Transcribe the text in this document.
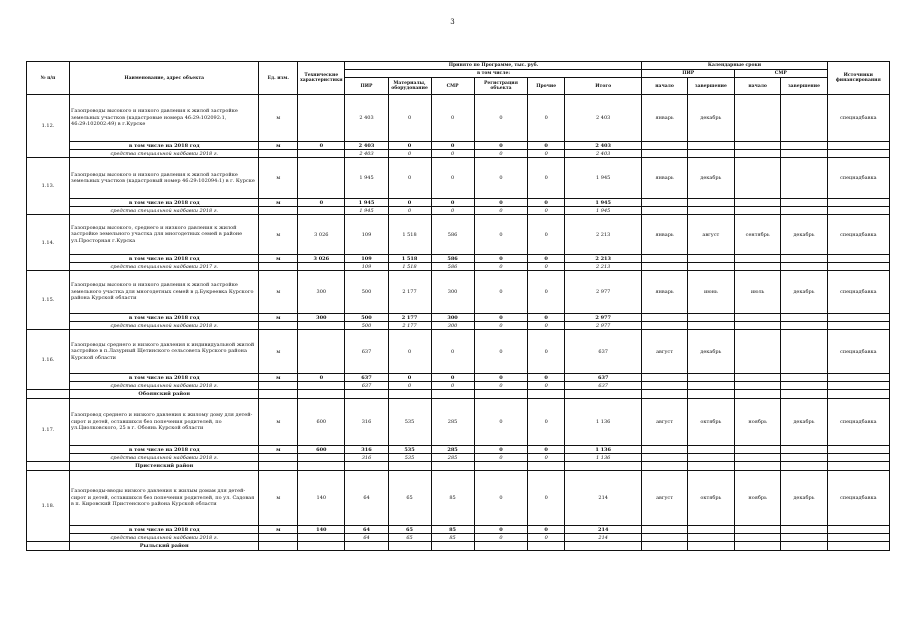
3
№ п/п	Наименование, адрес объекта	Ед. изм.	Технические характеристики	Принято по Программе, тыс. руб.						Календарные сроки				Источники финансирования
				в том числе:						ПИР		СМР		
				ПИР	Материалы, оборудование	СМР	Регистрация объекта	Прочие	Итого	начало	завершение	начало	завершение	
1.12.	Газопроводы высокого и низкого давления к жилой застройке земельных участков (кадастровые номера 46:29:102092:1, 46:29:102002:49) в г.Курске	м		2 403	0	0	0	0	2 403	январь	декабрь			спецнадбавка
	в том числе на 2018 год	м	0	2 403	0	0	0	0	2 403					
	средства специальной надбавки 2018 г.			2 403	0	0	0	0	2 403					
1.13.	Газопроводы высокого и низкого давления к жилой застройке земельных участков (кадастровый номер 46:29:102094:1) в г. Курске	м		1 945	0	0	0	0	1 945	январь	декабрь			спецнадбавка
	в том числе на 2018 год	м	0	1 945	0	0	0	0	1 945					
	средства специальной надбавки 2018 г.			1 945	0	0	0	0	1 945					
1.14.	Газопроводы высокого, среднего и низкого давления к жилой застройке земельного участка для многодетных семей в районе ул.Просторная г.Курска	м	3 026	109	1 518	586	0	0	2 213	январь	август	сентябрь	декабрь	спецнадбавка
	в том числе на 2018 год	м	3 026	109	1 518	586	0	0	2 213					
	средства специальной надбавки 2017 г.			109	1 518	586	0	0	2 213					
1.15.	Газопроводы высокого и низкого давления к жилой застройке земельного участка для многодетных семей в д.Букреевка Курского района Курской области	м	300	500	2 177	300	0	0	2 977	январь	июнь	июль	декабрь	спецнадбавка
	в том числе на 2018 год	м	300	500	2 177	300	0	0	2 977					
	средства специальной надбавки 2018 г.			500	2 177	300	0	0	2 977					
1.16.	Газопроводы среднего и низкого давления к индивидуальной жилой застройке в п.Лазурный Щетинского сельсовета Курского района Курской области	м		637	0	0	0	0	637	август	декабрь			спецнадбавка
	в том числе на 2018 год	м	0	637	0	0	0	0	637					
	средства специальной надбавки 2018 г.			637	0	0	0	0	637					
	Обоянский район													
1.17.	Газопровод среднего и низкого давления к жилому дому для детей-сирот и детей, оставшихся без попечения родителей, по ул.Циолковского, 25 в г. Обоянь Курской области	м	600	316	535	285	0	0	1 136	август	октябрь	ноябрь	декабрь	спецнадбавка
	в том числе на 2018 год	м	600	316	535	285	0	0	1 136					
	средства специальной надбавки 2018 г.			316	535	285	0	0	1 136					
	Пристенский район													
1.18.	Газопроводы-вводы низкого давления к жилым домам для детей-сирот и детей, оставшихся без попечения родителей, по ул. Садовая в п. Кировский Пристенского района Курской области	м	140	64	65	85	0	0	214	август	октябрь	ноябрь	декабрь	спецнадбавка
	в том числе на 2018 год	м	140	64	65	85	0	0	214					
	средства специальной надбавки 2018 г.			64	65	85	0	0	214					
	Рыльский район													
